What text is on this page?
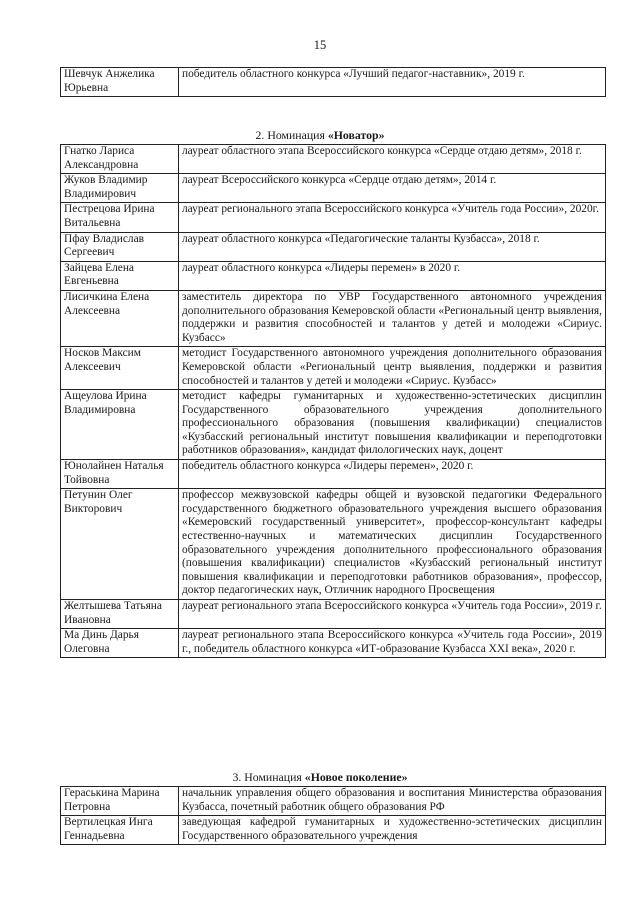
15
Шевчук Анжелика Юрьевна	победитель областного конкурса «Лучший педагог-наставник», 2019 г.
2. Номинация «Новатор»
Гнатко Лариса Александровна	лауреат областного этапа Всероссийского конкурса «Сердце отдаю детям», 2018 г.
Жуков Владимир Владимирович	лауреат Всероссийского конкурса «Сердце отдаю детям», 2014 г.
Пестрецова Ирина Витальевна	лауреат регионального этапа Всероссийского конкурса «Учитель года России», 2020г.
Пфау Владислав Сергеевич	лауреат областного конкурса «Педагогические таланты Кузбасса», 2018 г.
Зайцева Елена Евгеньевна	лауреат областного конкурса «Лидеры перемен» в 2020 г.
Лисичкина Елена Алексеевна	заместитель директора по УВР Государственного автономного учреждения дополнительного образования Кемеровской области «Региональный центр выявления, поддержки и развития способностей и талантов у детей и молодежи «Сириус. Кузбасс»
Носков Максим Алексеевич	методист Государственного автономного учреждения дополнительного образования Кемеровской области «Региональный центр выявления, поддержки и развития способностей и талантов у детей и молодежи «Сириус. Кузбасс»
Ащеулова Ирина Владимировна	методист кафедры гуманитарных и художественно-эстетических дисциплин Государственного образовательного учреждения дополнительного профессионального образования (повышения квалификации) специалистов «Кузбасский региональный институт повышения квалификации и переподготовки работников образования», кандидат филологических наук, доцент
Юнолайнен Наталья Тойвовна	победитель областного конкурса «Лидеры перемен», 2020 г.
Петунин Олег Викторович	профессор межвузовской кафедры общей и вузовской педагогики Федерального государственного бюджетного образовательного учреждения высшего образования «Кемеровский государственный университет», профессор-консультант кафедры естественно-научных и математических дисциплин Государственного образовательного учреждения дополнительного профессионального образования (повышения квалификации) специалистов «Кузбасский региональный институт повышения квалификации и переподготовки работников образования», профессор, доктор педагогических наук, Отличник народного Просвещения
Желтышева Татьяна Ивановна	лауреат регионального этапа Всероссийского конкурса «Учитель года России», 2019 г.
Ма Динь Дарья Олеговна	лауреат регионального этапа Всероссийского конкурса «Учитель года России», 2019 г., победитель областного конкурса «ИТ-образование Кузбасса XXI века», 2020 г.
3. Номинация «Новое поколение»
Гераськина Марина Петровна	начальник управления общего образования и воспитания Министерства образования Кузбасса, почетный работник общего образования РФ
Вертилецкая Инга Геннадьевна	заведующая кафедрой гуманитарных и художественно-эстетических дисциплин Государственного образовательного учреждения
